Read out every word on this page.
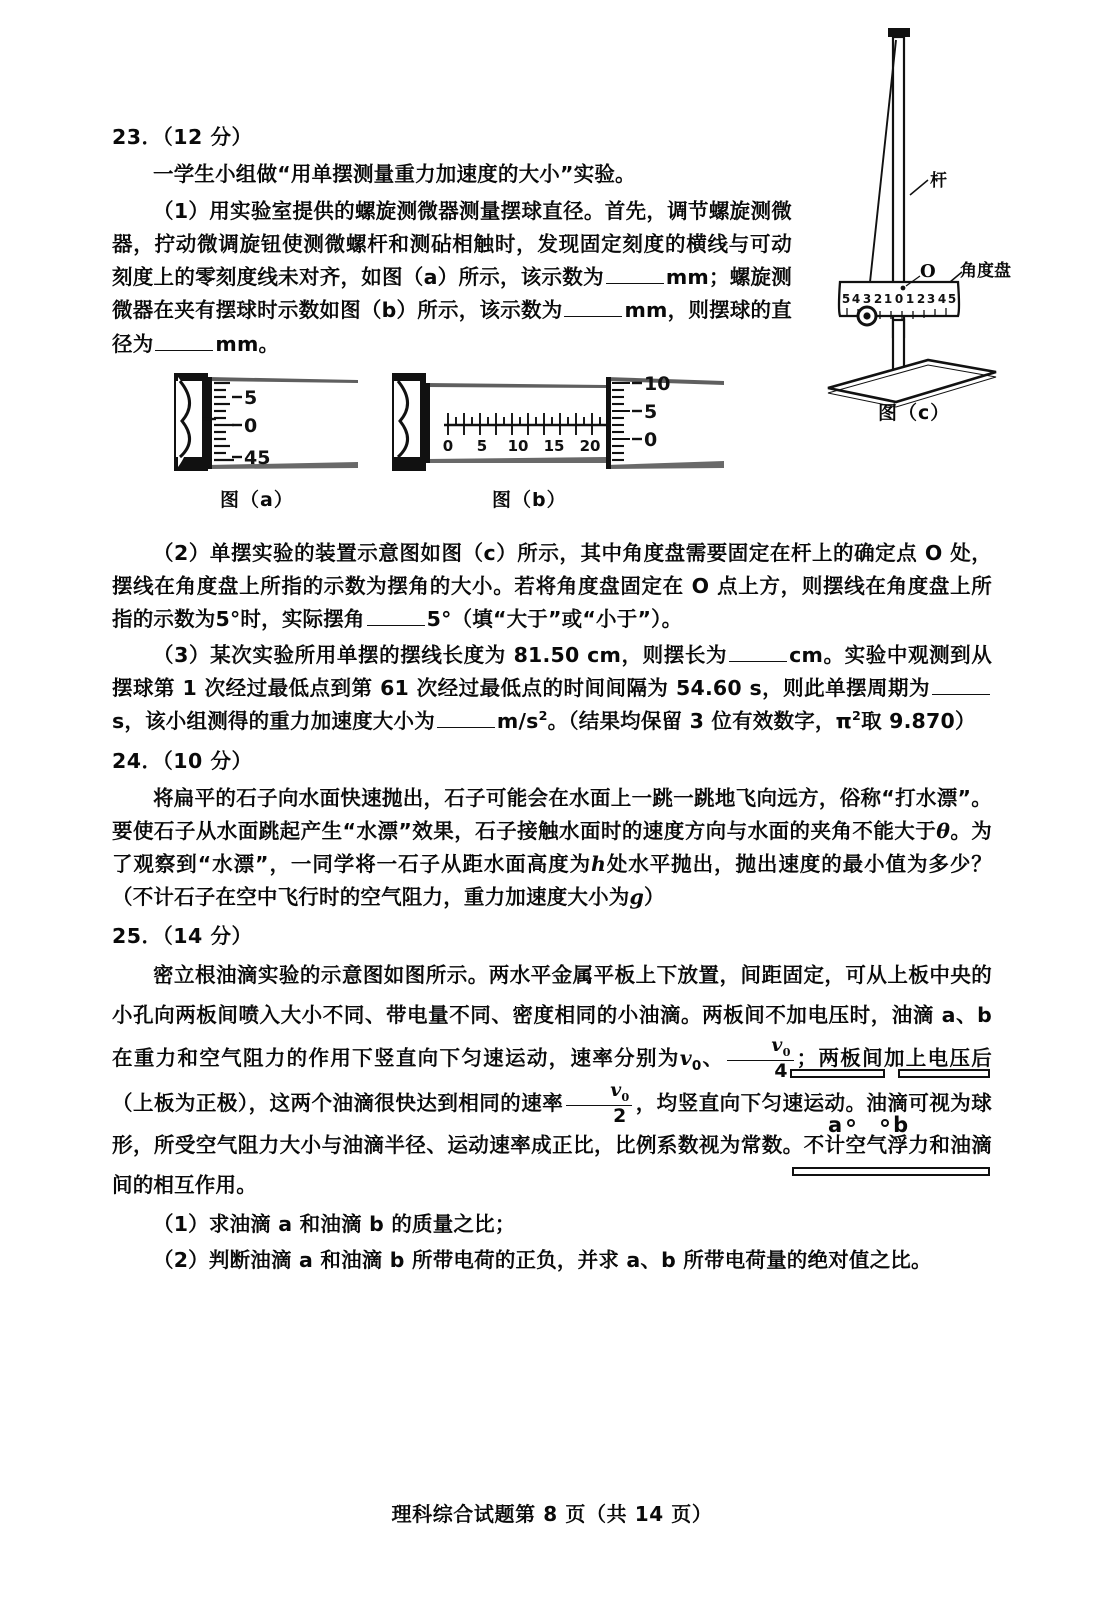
5 4 3 2 1 0 1 2 3 4 5
杆
O 角度盘
图（c）
a b
23．（12 分）

一学生小组做“用单摆测量重力加速度的大小”实验。

（1）用实验室提供的螺旋测微器测量摆球直径。首先，调节螺旋测微器，拧动微调旋钮使测微螺杆和测砧相触时，发现固定刻度的横线与可动刻度上的零刻度线未对齐，如图（a）所示，该示数为	mm；螺旋测微器在夹有摆球时示数如图（b）所示，该示数为	mm，则摆球的直径为	mm。

5
0
45
0 5 10 15 20
10
5
0
图（a）	图（b）

（2）单摆实验的装置示意图如图（c）所示，其中角度盘需要固定在杆上的确定点 O 处，摆线在角度盘上所指的示数为摆角的大小。若将角度盘固定在 O 点上方，则摆线在角度盘上所指的示数为5°时，实际摆角	5°（填“大于”或“小于”）。

（3）某次实验所用单摆的摆线长度为 81.50 cm，则摆长为	cm。实验中观测到从摆球第 1 次经过最低点到第 61 次经过最低点的时间间隔为 54.60 s，则此单摆周期为s，该小组测得的重力加速度大小为	$m/s^2$。（结果均保留 3 位有效数字，$\pi^2$取 9.870）

24．（10 分）

将扁平的石子向水面快速抛出，石子可能会在水面上一跳一跳地飞向远方，俗称“打水漂”。要使石子从水面跳起产生“水漂”效果，石子接触水面时的速度方向与水面的夹角不能大于θ。为了观察到“水漂”，一同学将一石子从距水面高度为h处水平抛出，抛出速度的最小值为多少？（不计石子在空中飞行时的空气阻力，重力加速度大小为g）

25．（14 分）

密立根油滴实验的示意图如图所示。两水平金属平板上下放置，间距固定，可从上板中央的小孔向两板间喷入大小不同、带电量不同、密度相同的小油滴。两板间不加电压时，油滴 a、b 在重力和空气阻力的作用下竖直向下匀速运动，速率分别为$v_0$、 $\frac{v_0}{4}$ ；两板间加上电压后（上板为正极），这两个油滴很快达到相同的速率 $\frac{v_0}{2}$ ，均竖直向下匀速运动。油滴可视为球形，所受空气阻力大小与油滴半径、运动速率成正比，比例系数视为常数。不计空气浮力和油滴间的相互作用。

（1）求油滴 a 和油滴 b 的质量之比；

（2）判断油滴 a 和油滴 b 所带电荷的正负，并求 a、b 所带电荷量的绝对值之比。

理科综合试题第 8 页（共 14 页）
